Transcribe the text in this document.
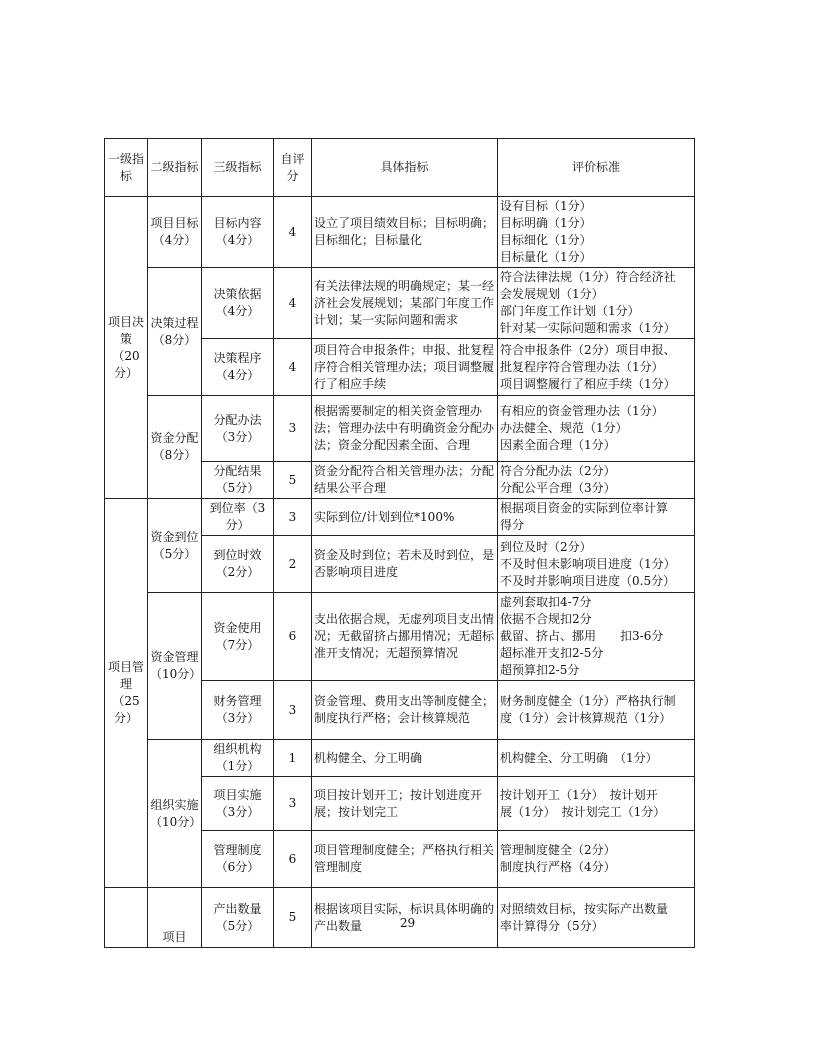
一级指标	二级指标	三级指标	自评分	具体指标	评价标准
项目决策（20分）	项目目标（4分）	目标内容（4分）	4	设立了项目绩效目标；目标明确；目标细化；目标量化	设有目标（1分）
目标明确（1分）
目标细化（1分）
目标量化（1分）

	决策过程（8分）	决策依据（4分）	4	有关法律法规的明确规定；某一经济社会发展规划；某部门年度工作计划；某一实际问题和需求	符合法律法规（1分）符合经济社
会发展规划（1分）
部门年度工作计划（1分）
针对某一实际问题和需求（1分）

		决策程序（4分）	4	项目符合申报条件；申报、批复程序符合相关管理办法；项目调整履行了相应手续	符合申报条件（2分）项目申报、
批复程序符合管理办法（1分）
项目调整履行了相应手续（1分）

	资金分配（8分）	分配办法（3分）	3	根据需要制定的相关资金管理办法；管理办法中有明确资金分配办法；资金分配因素全面、合理	有相应的资金管理办法（1分）
办法健全、规范（1分）
因素全面合理（1分）

		分配结果（5分）	5	资金分配符合相关管理办法；分配结果公平合理	符合分配办法（2分）
分配公平合理（3分）

项目管理（25分）	资金到位（5分）	到位率（3分）	3	实际到位/计划到位*100%	根据项目资金的实际到位率计算
得分

		到位时效（2分）	2	资金及时到位；若未及时到位，是否影响项目进度	到位及时（2分）
不及时但未影响项目进度（1分）
不及时并影响项目进度（0.5分）

	资金管理（10分）	资金使用（7分）	6	支出依据合规，无虚列项目支出情况；无截留挤占挪用情况；无超标准开支情况；无超预算情况	虚列套取扣4-7分
依据不合规扣2分
截留、挤占、挪用　　扣3-6分
超标准开支扣2-5分
超预算扣2-5分

		财务管理（3分）	3	资金管理、费用支出等制度健全；制度执行严格；会计核算规范	财务制度健全（1分）严格执行制
度（1分）会计核算规范（1分）

	组织实施（10分）	组织机构（1分）	1	机构健全、分工明确	机构健全、分工明确　（1分）

		项目实施（3分）	3	项目按计划开工；按计划进度开展；按计划完工	按计划开工（1分）　按计划开
展（1分）　按计划完工（1分）

		管理制度（6分）	6	项目管理制度健全；严格执行相关管理制度	管理制度健全（2分）
制度执行严格（4分）

	项目	产出数量（5分）	5	根据该项目实际，标识具体明确的产出数量	对照绩效目标，按实际产出数量
率计算得分（5分）
29
